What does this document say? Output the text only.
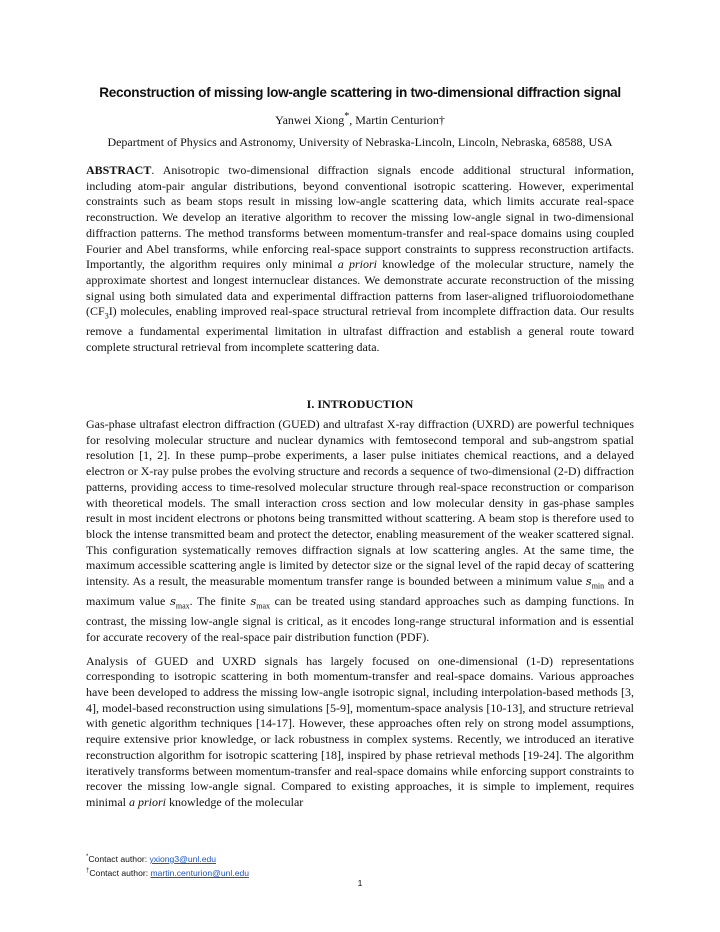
Reconstruction of missing low-angle scattering in two-dimensional diffraction signal
Yanwei Xiong*, Martin Centurion†
Department of Physics and Astronomy, University of Nebraska-Lincoln, Lincoln, Nebraska, 68588, USA

ABSTRACT. Anisotropic two-dimensional diffraction signals encode additional structural information, including atom-pair angular distributions, beyond conventional isotropic scattering. However, experimental constraints such as beam stops result in missing low-angle scattering data, which limits accurate real-space reconstruction. We develop an iterative algorithm to recover the missing low-angle signal in two-dimensional diffraction patterns. The method transforms between momentum-transfer and real-space domains using coupled Fourier and Abel transforms, while enforcing real-space support constraints to suppress reconstruction artifacts. Importantly, the algorithm requires only minimal a priori knowledge of the molecular structure, namely the approximate shortest and longest internuclear distances. We demonstrate accurate reconstruction of the missing signal using both simulated data and experimental diffraction patterns from laser-aligned trifluoroiodomethane $(CF_3I)$ molecules, enabling improved real-space structural retrieval from incomplete diffraction data. Our results remove a fundamental experimental limitation in ultrafast diffraction and establish a general route toward complete structural retrieval from incomplete scattering data.

I. INTRODUCTION

Gas-phase ultrafast electron diffraction (GUED) and ultrafast X-ray diffraction (UXRD) are powerful techniques for resolving molecular structure and nuclear dynamics with femtosecond temporal and sub-angstrom spatial resolution [1, 2]. In these pump–probe experiments, a laser pulse initiates chemical reactions, and a delayed electron or X-ray pulse probes the evolving structure and records a sequence of two-dimensional (2-D) diffraction patterns, providing access to time-resolved molecular structure through real-space reconstruction or comparison with theoretical models. The small interaction cross section and low molecular density in gas-phase samples result in most incident electrons or photons being transmitted without scattering. A beam stop is therefore used to block the intense transmitted beam and protect the detector, enabling measurement of the weaker scattered signal. This configuration systematically removes diffraction signals at low scattering angles. At the same time, the maximum accessible scattering angle is limited by detector size or the signal level of the rapid decay of scattering intensity. As a result, the measurable momentum transfer range is bounded between a minimum value $s_{min}$ and a maximum value $s_{max}$. The finite $s_{max}$ can be treated using standard approaches such as damping functions. In contrast, the missing low-angle signal is critical, as it encodes long-range structural information and is essential for accurate recovery of the real-space pair distribution function (PDF).

Analysis of GUED and UXRD signals has largely focused on one-dimensional (1-D) representations corresponding to isotropic scattering in both momentum-transfer and real-space domains. Various approaches have been developed to address the missing low-angle isotropic signal, including interpolation-based methods [3, 4], model-based reconstruction using simulations [5-9], momentum-space analysis [10-13], and structure retrieval with genetic algorithm techniques [14-17]. However, these approaches often rely on strong model assumptions, require extensive prior knowledge, or lack robustness in complex systems. Recently, we introduced an iterative reconstruction algorithm for isotropic scattering [18], inspired by phase retrieval methods [19-24]. The algorithm iteratively transforms between momentum-transfer and real-space domains while enforcing support constraints to recover the missing low-angle signal. Compared to existing approaches, it is simple to implement, requires minimal a priori knowledge of the molecular

*Contact author: yxiong3@unl.edu
†Contact author: martin.centurion@unl.edu
1
